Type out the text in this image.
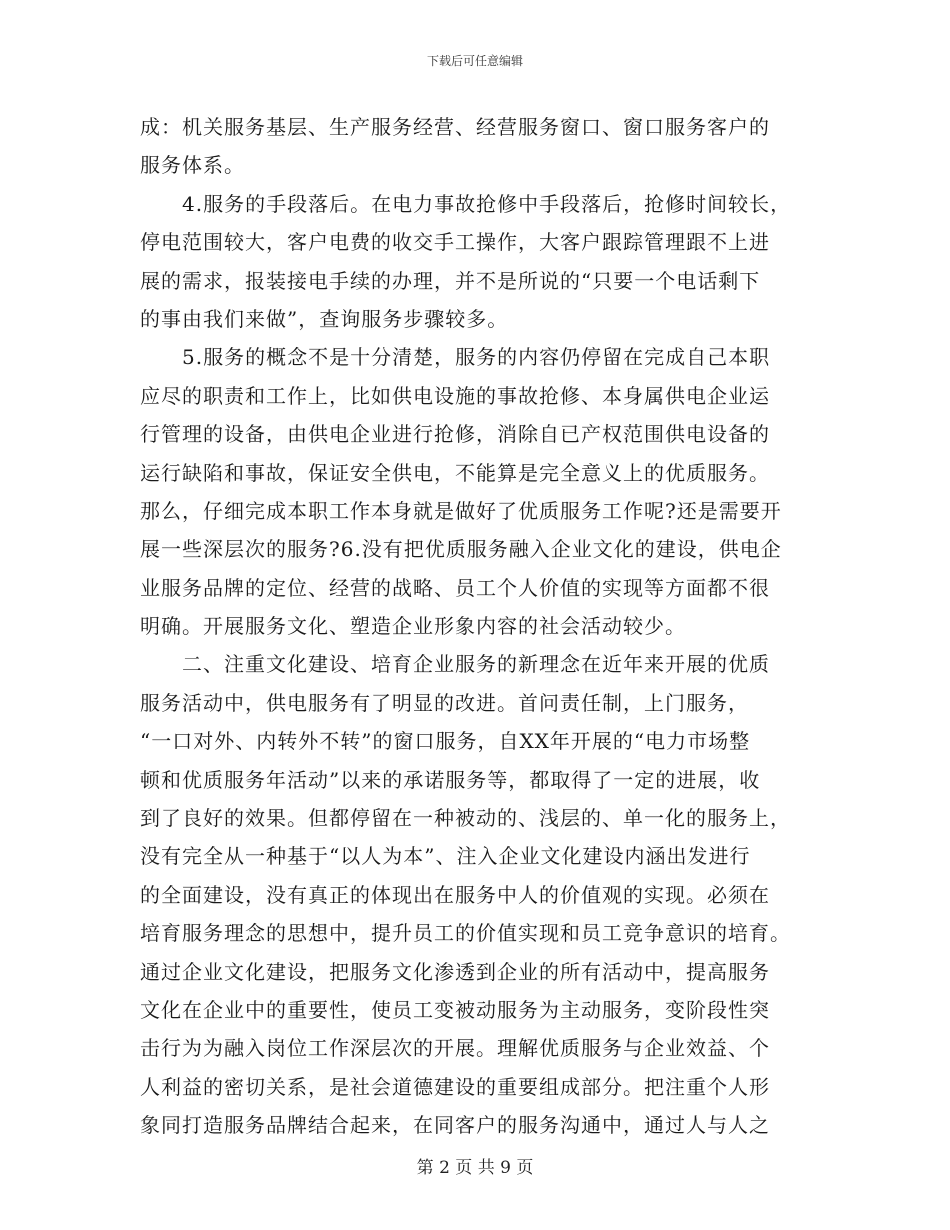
下载后可任意编辑
成：机关服务基层、生产服务经营、经营服务窗口、窗口服务客户的
服务体系。
4.服务的手段落后。在电力事故抢修中手段落后，抢修时间较长，
停电范围较大，客户电费的收交手工操作，大客户跟踪管理跟不上进
展的需求，报装接电手续的办理，并不是所说的“只要一个电话剩下
的事由我们来做”，查询服务步骤较多。
5.服务的概念不是十分清楚，服务的内容仍停留在完成自己本职
应尽的职责和工作上，比如供电设施的事故抢修、本身属供电企业运
行管理的设备，由供电企业进行抢修，消除自已产权范围供电设备的
运行缺陷和事故，保证安全供电，不能算是完全意义上的优质服务。
那么，仔细完成本职工作本身就是做好了优质服务工作呢?还是需要开
展一些深层次的服务?6.没有把优质服务融入企业文化的建设，供电企
业服务品牌的定位、经营的战略、员工个人价值的实现等方面都不很
明确。开展服务文化、塑造企业形象内容的社会活动较少。
二、注重文化建设、培育企业服务的新理念在近年来开展的优质
服务活动中，供电服务有了明显的改进。首问责任制，上门服务，
“一口对外、内转外不转”的窗口服务，自XX年开展的“电力市场整
顿和优质服务年活动”以来的承诺服务等，都取得了一定的进展，收
到了良好的效果。但都停留在一种被动的、浅层的、单一化的服务上，
没有完全从一种基于“以人为本”、注入企业文化建设内涵出发进行
的全面建设，没有真正的体现出在服务中人的价值观的实现。必须在
培育服务理念的思想中，提升员工的价值实现和员工竞争意识的培育。
通过企业文化建设，把服务文化渗透到企业的所有活动中，提高服务
文化在企业中的重要性，使员工变被动服务为主动服务，变阶段性突
击行为为融入岗位工作深层次的开展。理解优质服务与企业效益、个
人利益的密切关系，是社会道德建设的重要组成部分。把注重个人形
象同打造服务品牌结合起来，在同客户的服务沟通中，通过人与人之
第 2 页 共 9 页
